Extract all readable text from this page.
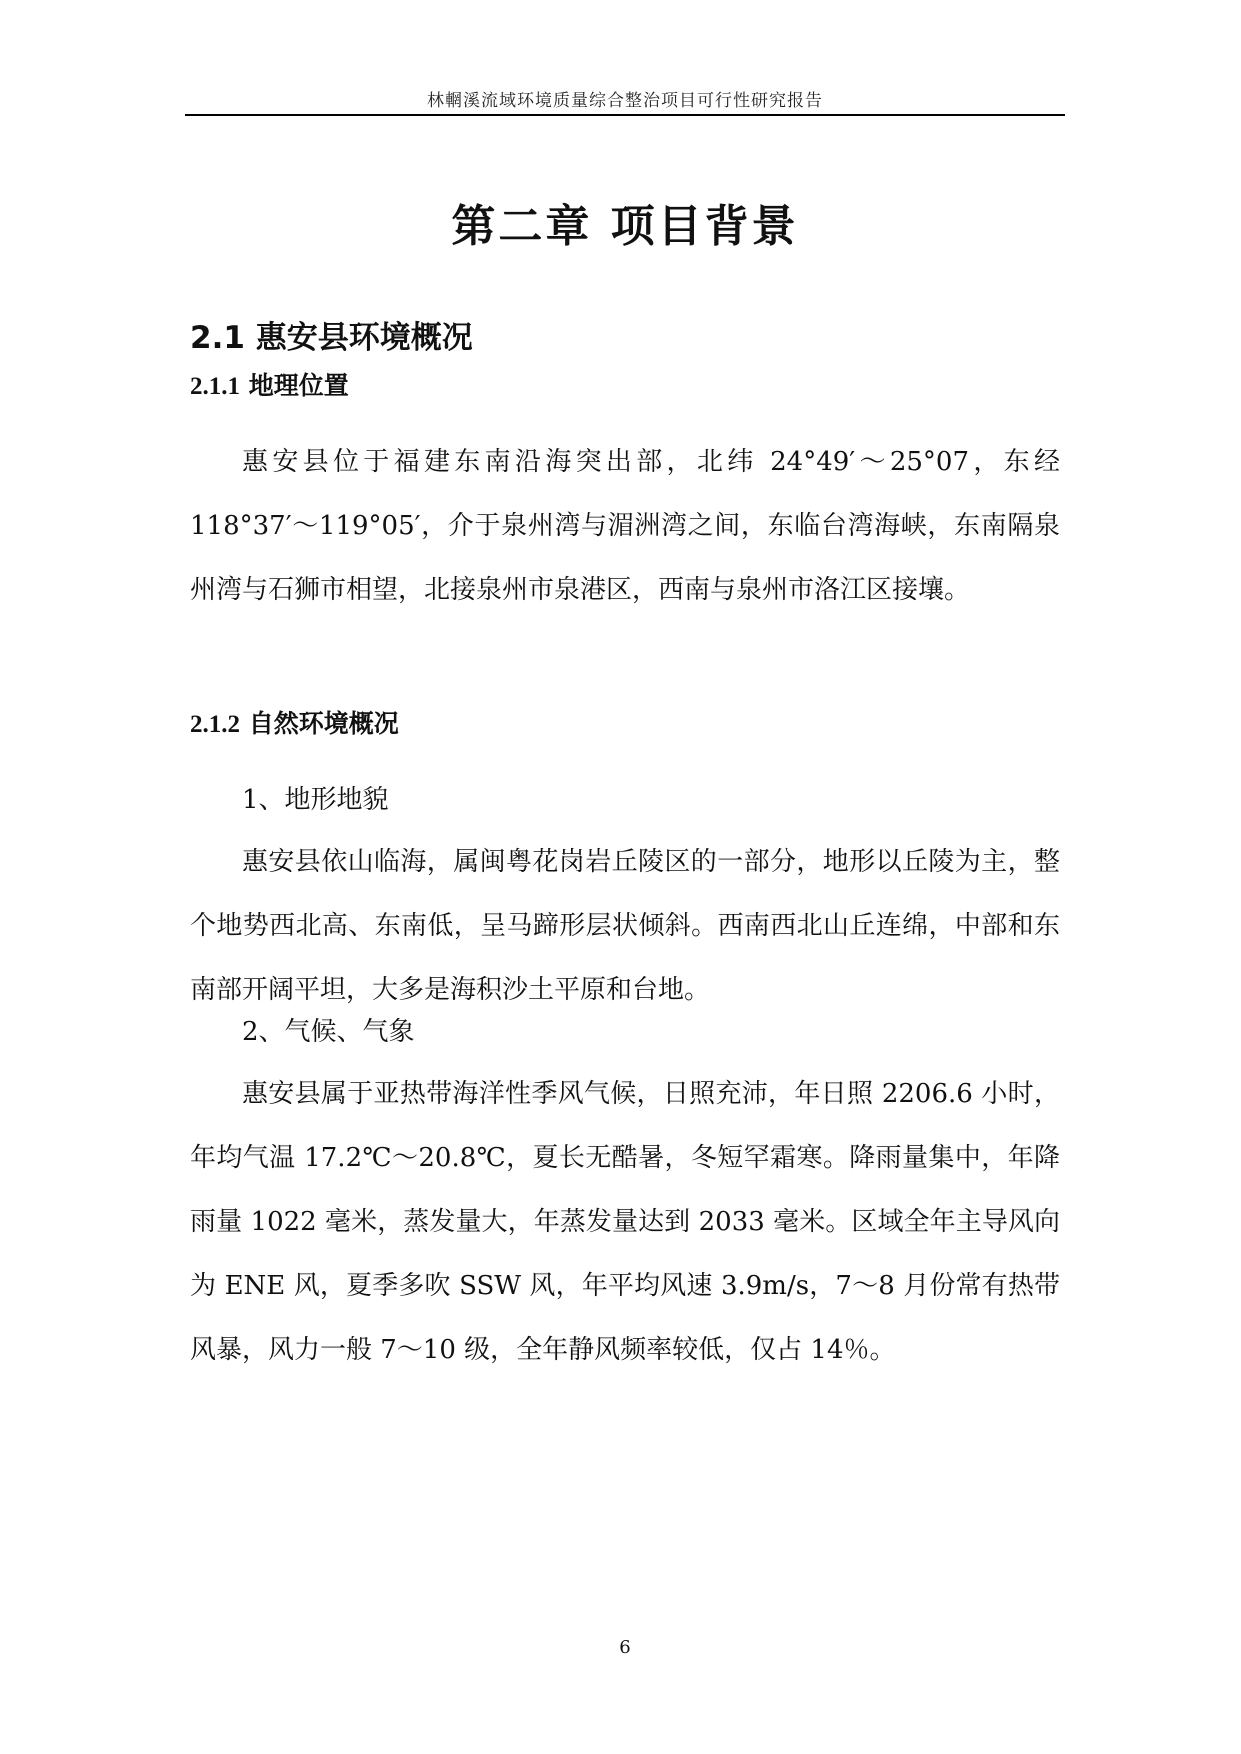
林輞溪流域环境质量综合整治项目可行性研究报告
第二章 项目背景
2.1 惠安县环境概况
2.1.1 地理位置

惠安县位于福建东南沿海突出部，北纬 24°49′～25°07，东经 118°37′～119°05′，介于泉州湾与湄洲湾之间，东临台湾海峡，东南隔泉州湾与石狮市相望，北接泉州市泉港区，西南与泉州市洛江区接壤。

2.1.2 自然环境概况

1、地形地貌

惠安县依山临海，属闽粤花岗岩丘陵区的一部分，地形以丘陵为主，整个地势西北高、东南低，呈马蹄形层状倾斜。西南西北山丘连绵，中部和东南部开阔平坦，大多是海积沙土平原和台地。

2、气候、气象

惠安县属于亚热带海洋性季风气候，日照充沛，年日照 2206.6 小时，年均气温 17.2℃～20.8℃，夏长无酷暑，冬短罕霜寒。降雨量集中，年降雨量 1022 毫米，蒸发量大，年蒸发量达到 2033 毫米。区域全年主导风向为 ENE 风，夏季多吹 SSW 风，年平均风速 3.9m/s，7～8 月份常有热带风暴，风力一般 7～10 级，全年静风频率较低，仅占 14％。

6
